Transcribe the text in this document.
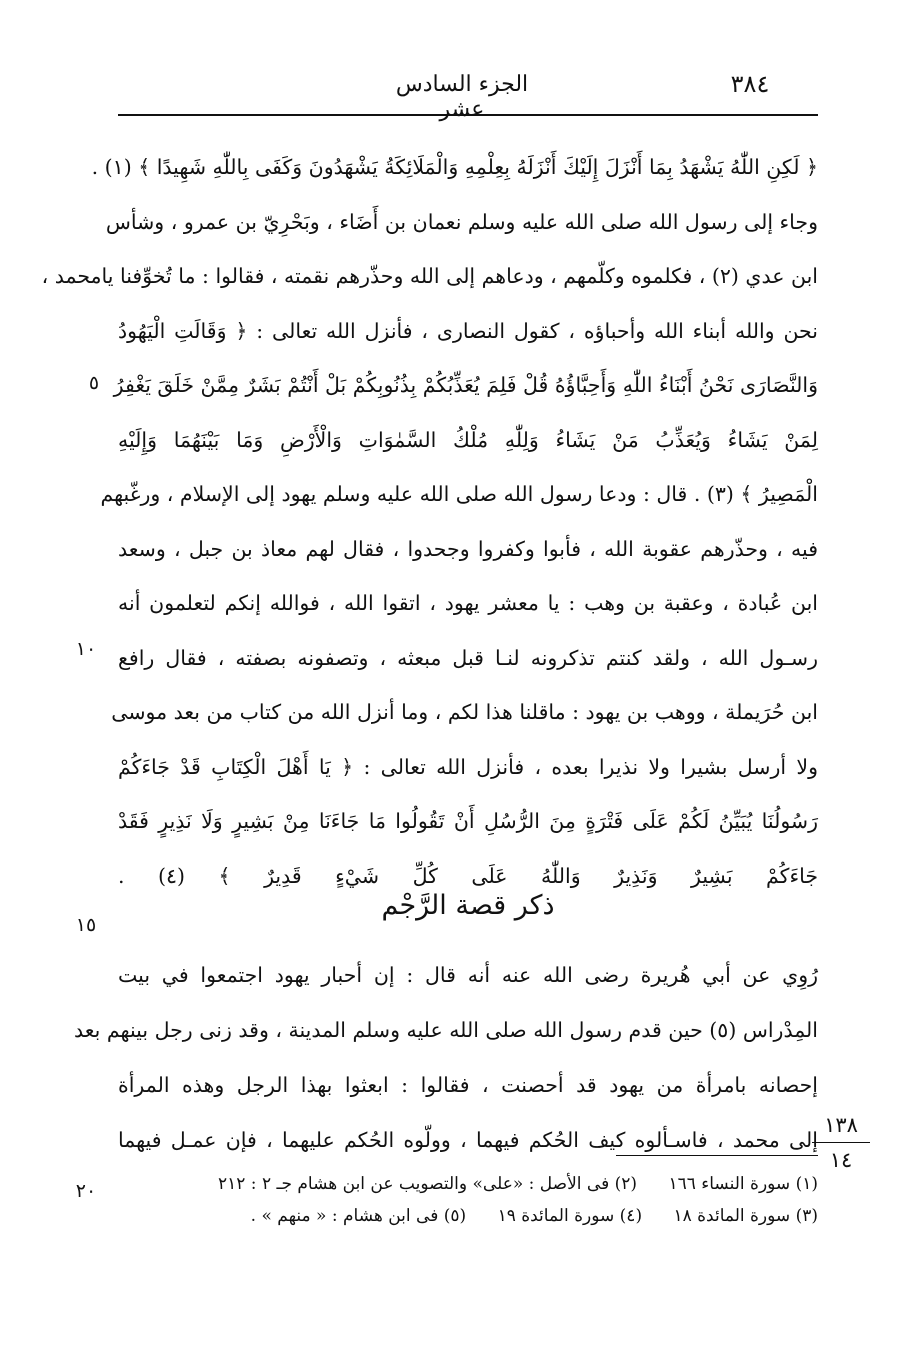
٣٨٤
الجزء السادس عشر
﴿ لَكِنِ اللّٰهُ يَشْهَدُ بِمَا أَنْزَلَ إِلَيْكَ أَنْزَلَهُ بِعِلْمِهِ وَالْمَلَائِكَةُ يَشْهَدُونَ وَكَفَى بِاللّٰهِ شَهِيدًا ﴾ (١) .
وجاء إلى رسول الله صلى الله عليه وسلم نعمان بن أَضَاء ، وبَحْرِيّ بن عمرو ، وشأس
ابن عدي (٢) ، فكلموه وكلّمهم ، ودعاهم إلى الله وحذّرهم نقمته ، فقالوا : ما تُخوِّفنا يامحمد ،
نحن والله أبناء الله وأحباؤه ، كقول النصارى ، فأنزل الله تعالى : ﴿ وَقَالَتِ الْيَهُودُ
وَالنَّصَارَى نَحْنُ أَبْنَاءُ اللّٰهِ وَأَحِبَّاؤُهُ قُلْ فَلِمَ يُعَذِّبُكُمْ بِذُنُوبِكُمْ بَلْ أَنْتُمْ بَشَرٌ مِمَّنْ خَلَقَ يَغْفِرُ
لِمَنْ يَشَاءُ وَيُعَذِّبُ مَنْ يَشَاءُ وَلِلّٰهِ مُلْكُ السَّمٰوَاتِ وَالْأَرْضِ وَمَا بَيْنَهُمَا وَإِلَيْهِ
الْمَصِيرُ ﴾ (٣) . قال : ودعا رسول الله صلى الله عليه وسلم يهود إلى الإسلام ، ورغّبهم
فيه ، وحذّرهم عقوبة الله ، فأبوا وكفروا وجحدوا ، فقال لهم معاذ بن جبل ، وسعد
ابن عُبادة ، وعقبة بن وهب : يا معشر يهود ، اتقوا الله ، فوالله إنكم لتعلمون أنه
رسـول الله ، ولقد كنتم تذكرونه لنـا قبل مبعثه ، وتصفونه بصفته ، فقال رافع
ابن حُرَيملة ، ووهب بن يهود : ماقلنا هذا لكم ، وما أنزل الله من كتاب من بعد موسى
ولا أرسل بشيرا ولا نذيرا بعده ، فأنزل الله تعالى : ﴿ يَا أَهْلَ الْكِتَابِ قَدْ جَاءَكُمْ
رَسُولُنَا يُبَيِّنُ لَكُمْ عَلَى فَتْرَةٍ مِنَ الرُّسُلِ أَنْ تَقُولُوا مَا جَاءَنَا مِنْ بَشِيرٍ وَلَا نَذِيرٍ فَقَدْ
جَاءَكُمْ بَشِيرٌ وَنَذِيرٌ وَاللّٰهُ عَلَى كُلِّ شَيْءٍ قَدِيرٌ ﴾ (٤) .
ذكر قصة الرَّجْم
رُوِي عن أبي هُريرة رضى الله عنه أنه قال : إن أحبار يهود اجتمعوا في بيت
المِدْراس (٥) حين قدم رسول الله صلى الله عليه وسلم المدينة ، وقد زنى رجل بينهم بعد
إحصانه بامرأة من يهود قد أحصنت ، فقالوا : ابعثوا بهذا الرجل وهذه المرأة
إلى محمد ، فاسـألوه كيف الحُكم فيهما ، وولّوه الحُكم عليهما ، فإن عمـل فيهما
٥
١٠
١٥
٢٠
١٣٨
١٤
(١) سورة النساء ١٦٦ (٢) فى الأصل : «على» والتصويب عن ابن هشام جـ ٢ : ٢١٢
(٣) سورة المائدة ١٨ (٤) سورة المائدة ١٩ (٥) فى ابن هشام : « منهم » .
